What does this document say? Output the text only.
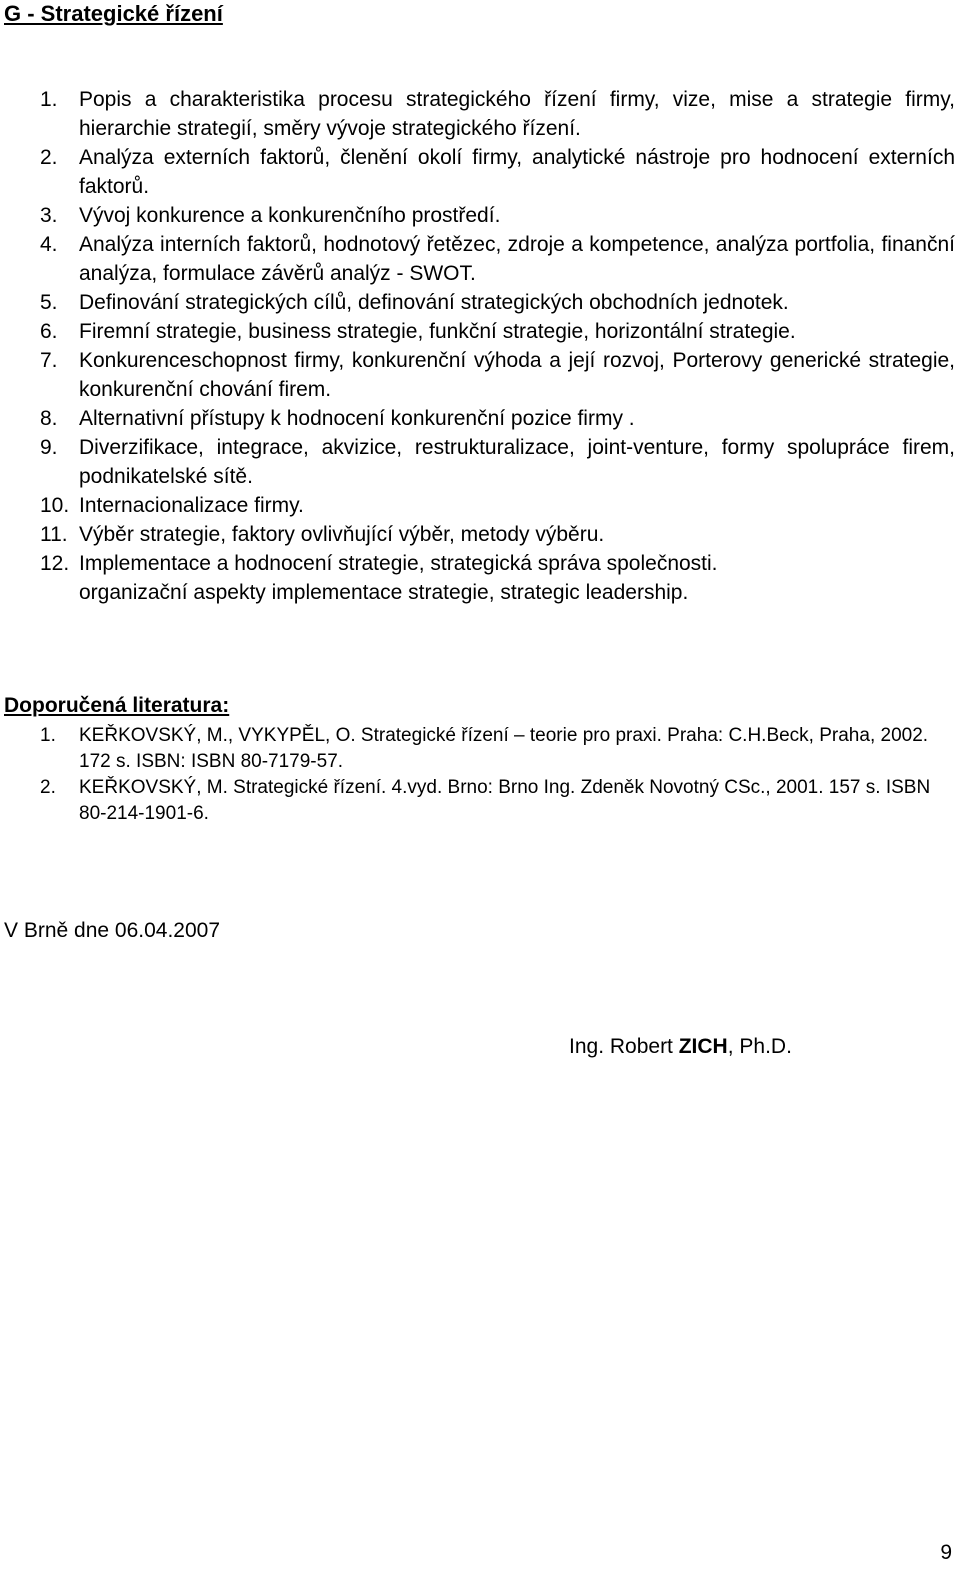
G - Strategické řízení
1.	Popis a charakteristika procesu strategického řízení firmy, vize, mise a strategie firmy, hierarchie strategií, směry vývoje strategického řízení.
2.	Analýza externích faktorů, členění okolí firmy, analytické nástroje pro hodnocení externích faktorů.
3.	Vývoj konkurence a konkurenčního prostředí.
4.	Analýza interních faktorů, hodnotový řetězec, zdroje a kompetence, analýza portfolia, finanční analýza, formulace závěrů analýz - SWOT.
5.	Definování strategických cílů, definování strategických obchodních jednotek.
6.	Firemní strategie, business strategie, funkční strategie, horizontální strategie.
7.	Konkurenceschopnost firmy, konkurenční výhoda a její rozvoj, Porterovy generické strategie, konkurenční chování firem.
8.	Alternativní přístupy k hodnocení konkurenční pozice firmy .
9.	Diverzifikace, integrace, akvizice, restrukturalizace, joint-venture, formy spolupráce firem, podnikatelské sítě.
10. Internacionalizace firmy.
11. Výběr strategie, faktory ovlivňující výběr, metody výběru.
12. Implementace a hodnocení strategie, strategická správa společnosti.
organizační aspekty implementace strategie, strategic leadership.
Doporučená literatura:
1.	KEŘKOVSKÝ, M., VYKYPĚL, O. Strategické řízení – teorie pro praxi. Praha: C.H.Beck, Praha, 2002. 172 s. ISBN: ISBN 80-7179-57.
2.	KEŘKOVSKÝ, M. Strategické řízení. 4.vyd. Brno: Brno Ing. Zdeněk Novotný CSc., 2001. 157 s. ISBN 80-214-1901-6.
V Brně dne 06.04.2007
Ing. Robert ZICH, Ph.D.
9
